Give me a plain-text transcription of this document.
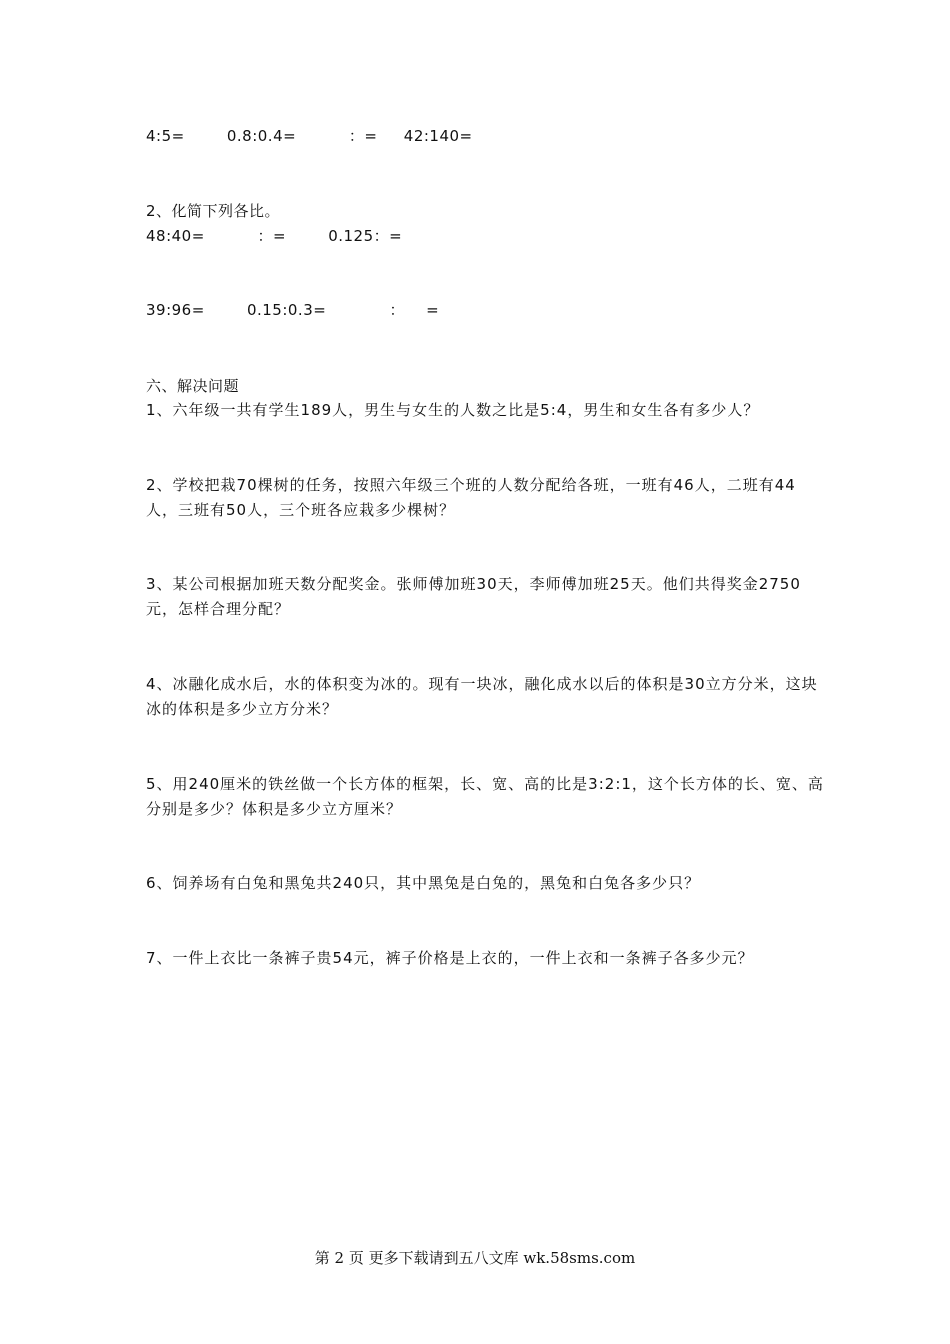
4:5=        0.8:0.4=          ：=     42:140=
2、化简下列各比。
48:40=          ：=        0.125：=
39:96=        0.15:0.3=            ：    =
六、解决问题
1、六年级一共有学生189人，男生与女生的人数之比是5:4，男生和女生各有多少人？
2、学校把栽70棵树的任务，按照六年级三个班的人数分配给各班，一班有46人，二班有44人，三班有50人，三个班各应栽多少棵树？
3、某公司根据加班天数分配奖金。张师傅加班30天，李师傅加班25天。他们共得奖金2750元，怎样合理分配？
4、冰融化成水后，水的体积变为冰的。现有一块冰，融化成水以后的体积是30立方分米，这块冰的体积是多少立方分米？
5、用240厘米的铁丝做一个长方体的框架，长、宽、高的比是3:2:1，这个长方体的长、宽、高分别是多少？体积是多少立方厘米？
6、饲养场有白兔和黑兔共240只，其中黑兔是白兔的，黑兔和白兔各多少只？
7、一件上衣比一条裤子贵54元，裤子价格是上衣的，一件上衣和一条裤子各多少元？
第 2 页 更多下载请到五八文库 wk.58sms.com
